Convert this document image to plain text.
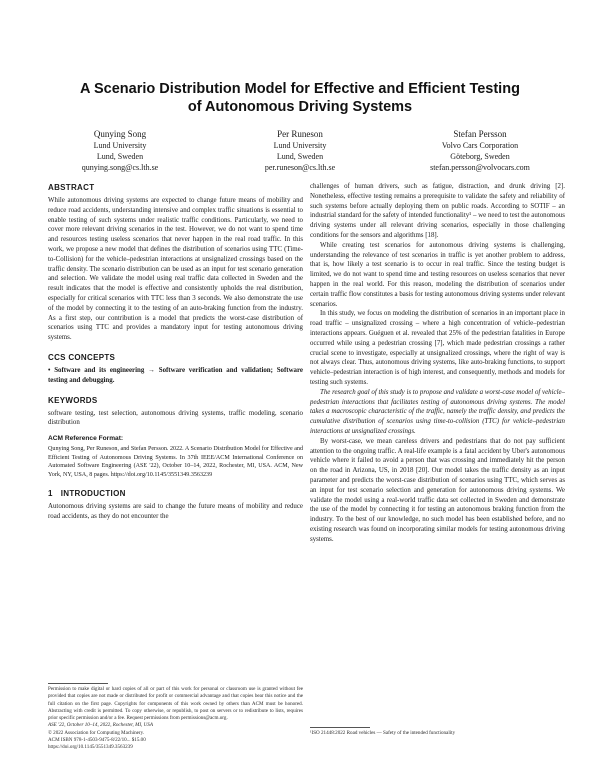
A Scenario Distribution Model for Effective and Efficient Testing
of Autonomous Driving Systems
Qunying Song
Lund University
Lund, Sweden
qunying.song@cs.lth.se
Per Runeson
Lund University
Lund, Sweden
per.runeson@cs.lth.se
Stefan Persson
Volvo Cars Corporation
Göteborg, Sweden
stefan.persson@volvocars.com
ABSTRACT

While autonomous driving systems are expected to change future means of mobility and reduce road accidents, understanding intensive and complex traffic situations is essential to enable testing of such systems under realistic traffic conditions. Particularly, we need to cover more relevant driving scenarios in the test. However, we do not want to spend time and resources testing useless scenarios that never happen in the real road traffic. In this work, we propose a new model that defines the distribution of scenarios using TTC (Time-to-Collision) for the vehicle–pedestrian interactions at unsignalized crossings based on the traffic density. The scenario distribution can be used as an input for test scenario generation and selection. We validate the model using real traffic data collected in Sweden and the result indicates that the model is effective and consistently upholds the real distribution, especially for critical scenarios with TTC less than 3 seconds. We also demonstrate the use of the model by connecting it to the testing of an auto-braking function from the industry. As a first step, our contribution is a model that predicts the worst-case distribution of scenarios using TTC and provides a mandatory input for testing autonomous driving systems.

CCS CONCEPTS

• Software and its engineering → Software verification and validation; Software testing and debugging.

KEYWORDS

software testing, test selection, autonomous driving systems, traffic modeling, scenario distribution

ACM Reference Format:

Qunying Song, Per Runeson, and Stefan Persson. 2022. A Scenario Distribution Model for Effective and Efficient Testing of Autonomous Driving Systems. In 37th IEEE/ACM International Conference on Automated Software Engineering (ASE '22), October 10–14, 2022, Rochester, MI, USA. ACM, New York, NY, USA, 8 pages. https://doi.org/10.1145/3551349.3563239

1 INTRODUCTION

Autonomous driving systems are said to change the future means of mobility and reduce road accidents, as they do not encounter the

Permission to make digital or hard copies of all or part of this work for personal or classroom use is granted without fee provided that copies are not made or distributed for profit or commercial advantage and that copies bear this notice and the full citation on the first page. Copyrights for components of this work owned by others than ACM must be honored. Abstracting with credit is permitted. To copy otherwise, or republish, to post on servers or to redistribute to lists, requires prior specific permission and/or a fee. Request permissions from permissions@acm.org.

ASE '22, October 10–14, 2022, Rochester, MI, USA
© 2022 Association for Computing Machinery.
ACM ISBN 978-1-4503-9475-8/22/10... $15.00
https://doi.org/10.1145/3551349.3563239

challenges of human drivers, such as fatigue, distraction, and drunk driving [2]. Nonetheless, effective testing remains a prerequisite to validate the safety and reliability of such systems before actually deploying them on public roads. According to SOTIF – an industrial standard for the safety of intended functionality¹ – we need to test the autonomous driving systems under all relevant driving scenarios, especially in those challenging conditions for the sensors and algorithms [18].

While creating test scenarios for autonomous driving systems is challenging, understanding the relevance of test scenarios in traffic is yet another problem to address, that is, how likely a test scenario is to occur in real traffic. Since the testing budget is limited, we do not want to spend time and testing resources on useless scenarios that never happen in the real world. For this reason, modeling the distribution of scenarios under certain traffic flow constitutes a basis for testing autonomous driving systems under relevant scenarios.

In this study, we focus on modeling the distribution of scenarios in an important place in road traffic – unsignalized crossing – where a high concentration of vehicle–pedestrian interactions appears. Guéguen et al. revealed that 25% of the pedestrian fatalities in Europe occurred while using a pedestrian crossing [7], which made pedestrian crossings a rather crucial scene to investigate, especially at unsignalized crossings, where the right of way is not always clear. Thus, autonomous driving systems, like auto-braking functions, to support vehicle–pedestrian interaction is of high interest, and consequently, methods and models for testing such systems.

The research goal of this study is to propose and validate a worst-case model of vehicle–pedestrian interactions that facilitates testing of autonomous driving systems. The model takes a macroscopic characteristic of the traffic, namely the traffic density, and predicts the cumulative distribution of scenarios using time-to-collision (TTC) for vehicle–pedestrian interactions at unsignalized crossings.

By worst-case, we mean careless drivers and pedestrians that do not pay sufficient attention to the ongoing traffic. A real-life example is a fatal accident by Uber's autonomous vehicle where it failed to avoid a person that was crossing and immediately hit the person on the road in Arizona, US, in 2018 [20]. Our model takes the traffic density as an input parameter and predicts the worst-case distribution of scenarios using TTC, which serves as an input for test scenario selection and generation for autonomous driving systems. We validate the model using a real-world traffic data set collected in Sweden and demonstrate the use of the model by connecting it for testing an autonomous braking function from the industry. To the best of our knowledge, no such model has been established before, and no existing research was found on incorporating similar models for testing autonomous driving systems.

¹ISO 21448:2022 Road vehicles — Safety of the intended functionality
